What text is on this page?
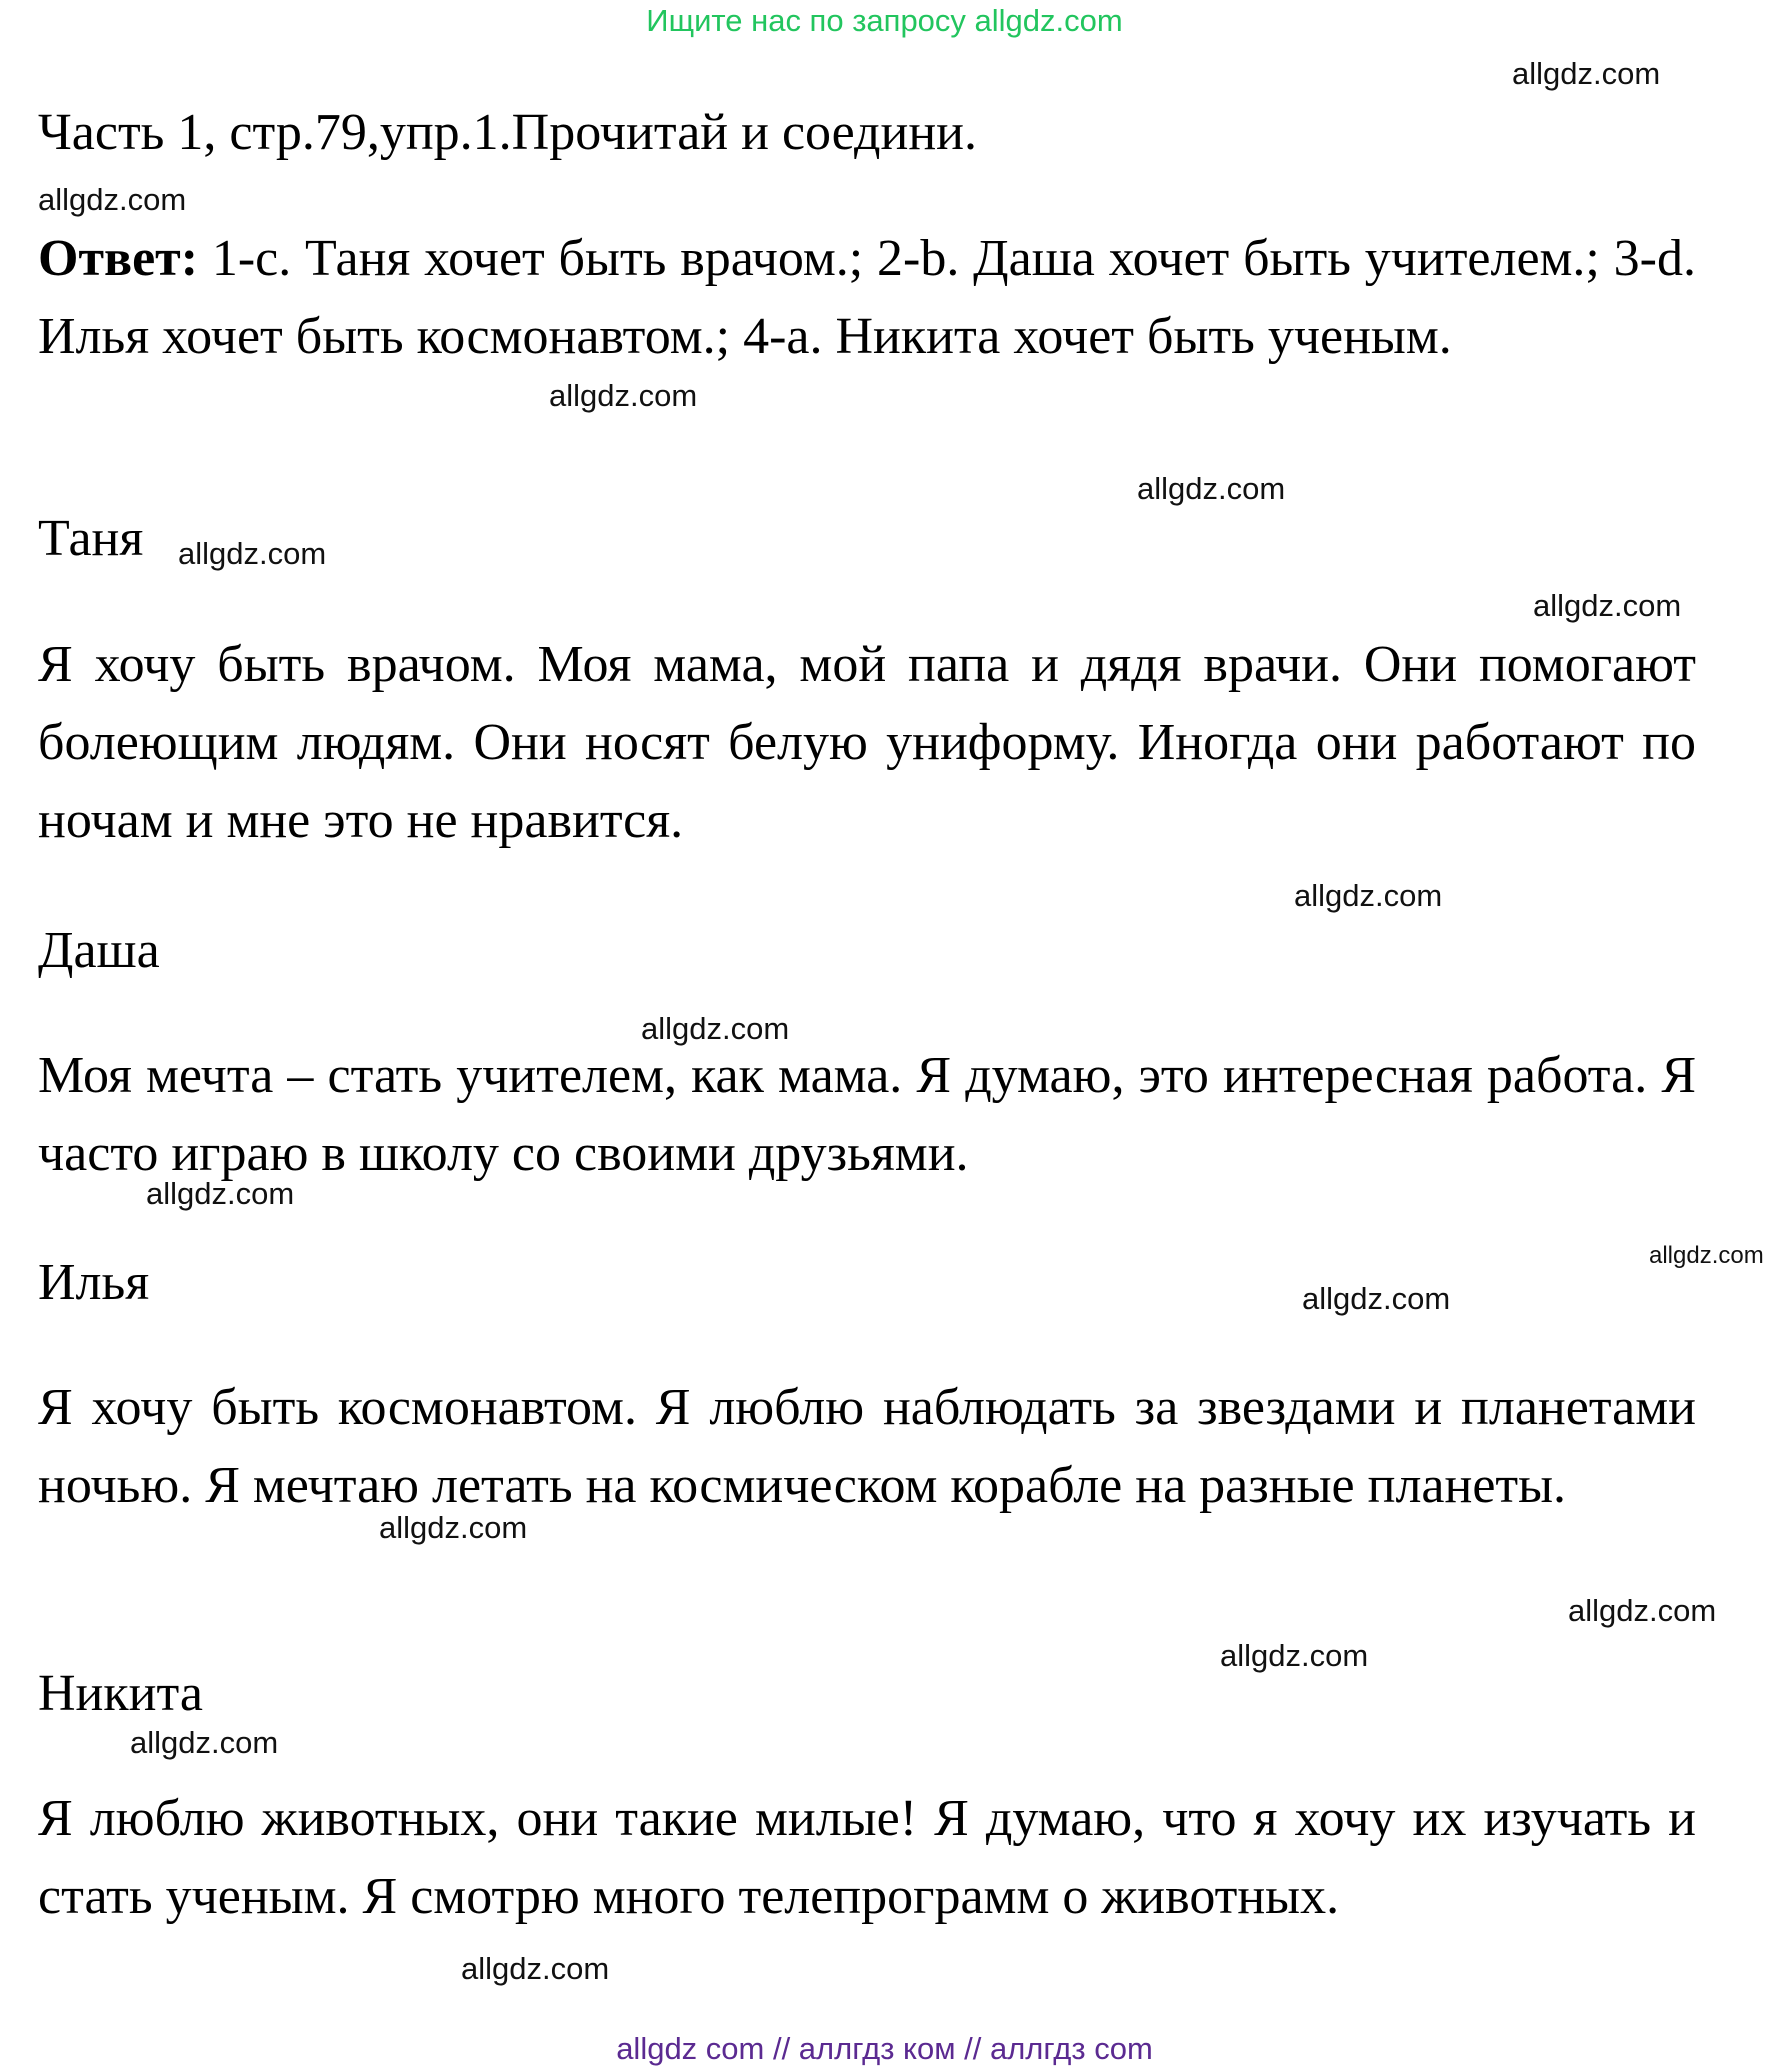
Ищите нас по запросу allgdz.com
Часть 1, стр.79,упр.1.Прочитай и соедини.
Ответ: 1-c. Таня хочет быть врачом.; 2-b. Даша хочет быть учителем.; 3-d. Илья хочет быть космонавтом.; 4-a. Никита хочет быть ученым.
Таня
Я хочу быть врачом. Моя мама, мой папа и дядя врачи. Они помогают болеющим людям. Они носят белую униформу. Иногда они работают по ночам и мне это не нравится.
Даша
Моя мечта – стать учителем, как мама. Я думаю, это интересная работа. Я часто играю в школу со своими друзьями.
Илья
Я хочу быть космонавтом. Я люблю наблюдать за звездами и планетами ночью. Я мечтаю летать на космическом корабле на разные планеты.
Никита
Я люблю животных, они такие милые! Я думаю, что я хочу их изучать и стать ученым. Я смотрю много телепрограмм о животных.
allgdz.com
allgdz.com
allgdz.com
allgdz.com
allgdz.com
allgdz.com
allgdz.com
allgdz.com
allgdz.com
allgdz.com
allgdz.com
allgdz.com
allgdz.com
allgdz.com
allgdz.com
allgdz.com
allgdz com // аллгдз ком // аллгдз com
